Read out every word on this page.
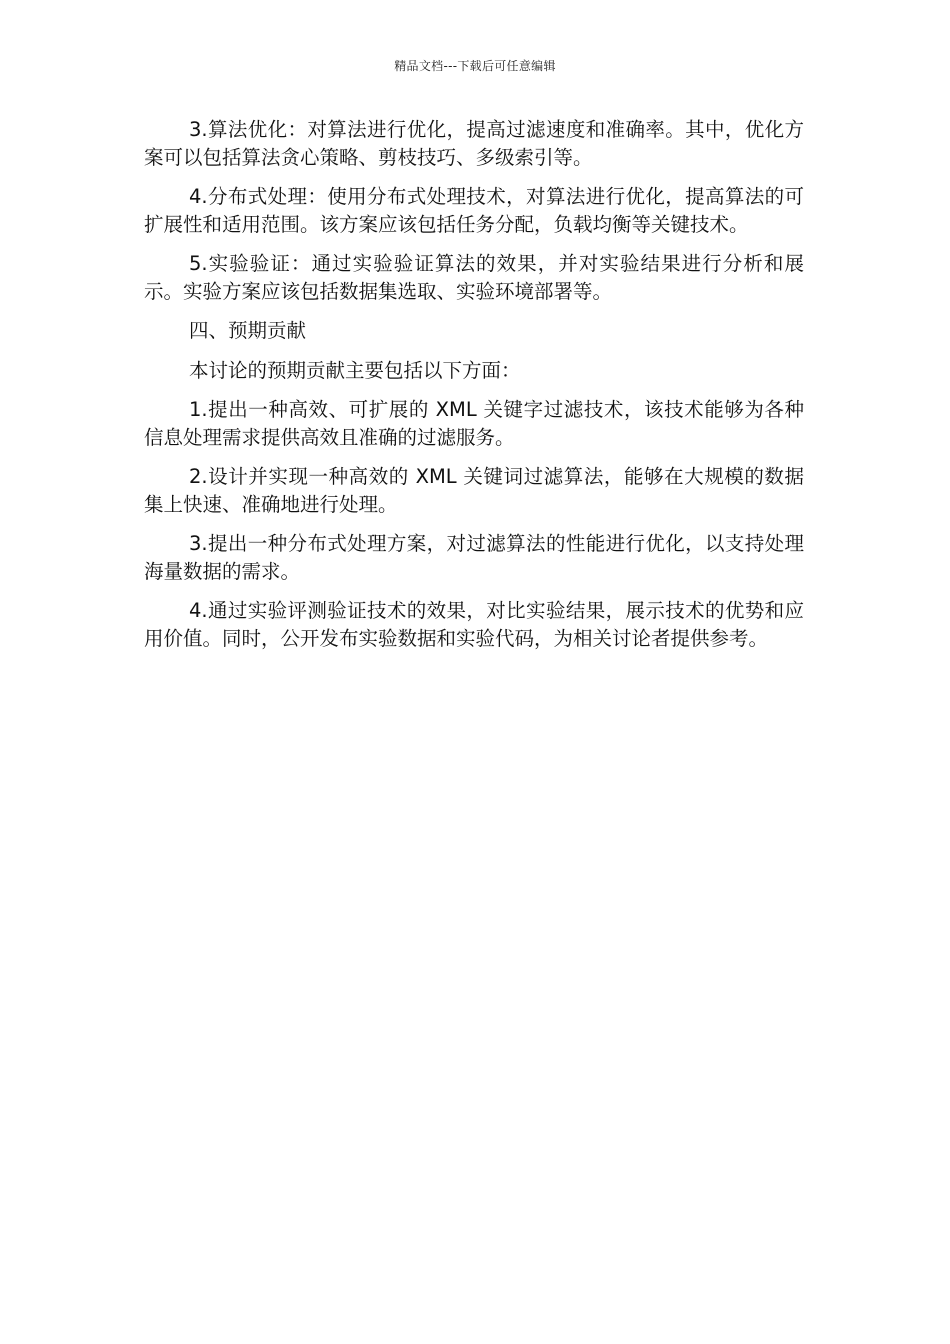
精品文档---下载后可任意编辑

3.算法优化：对算法进行优化，提高过滤速度和准确率。其中，优化方案可以包括算法贪心策略、剪枝技巧、多级索引等。

4.分布式处理：使用分布式处理技术，对算法进行优化，提高算法的可扩展性和适用范围。该方案应该包括任务分配，负载均衡等关键技术。

5.实验验证：通过实验验证算法的效果，并对实验结果进行分析和展示。实验方案应该包括数据集选取、实验环境部署等。

四、预期贡献

本讨论的预期贡献主要包括以下方面：

1.提出一种高效、可扩展的 XML 关键字过滤技术，该技术能够为各种信息处理需求提供高效且准确的过滤服务。

2.设计并实现一种高效的 XML 关键词过滤算法，能够在大规模的数据集上快速、准确地进行处理。

3.提出一种分布式处理方案，对过滤算法的性能进行优化，以支持处理海量数据的需求。

4.通过实验评测验证技术的效果，对比实验结果，展示技术的优势和应用价值。同时，公开发布实验数据和实验代码，为相关讨论者提供参考。
